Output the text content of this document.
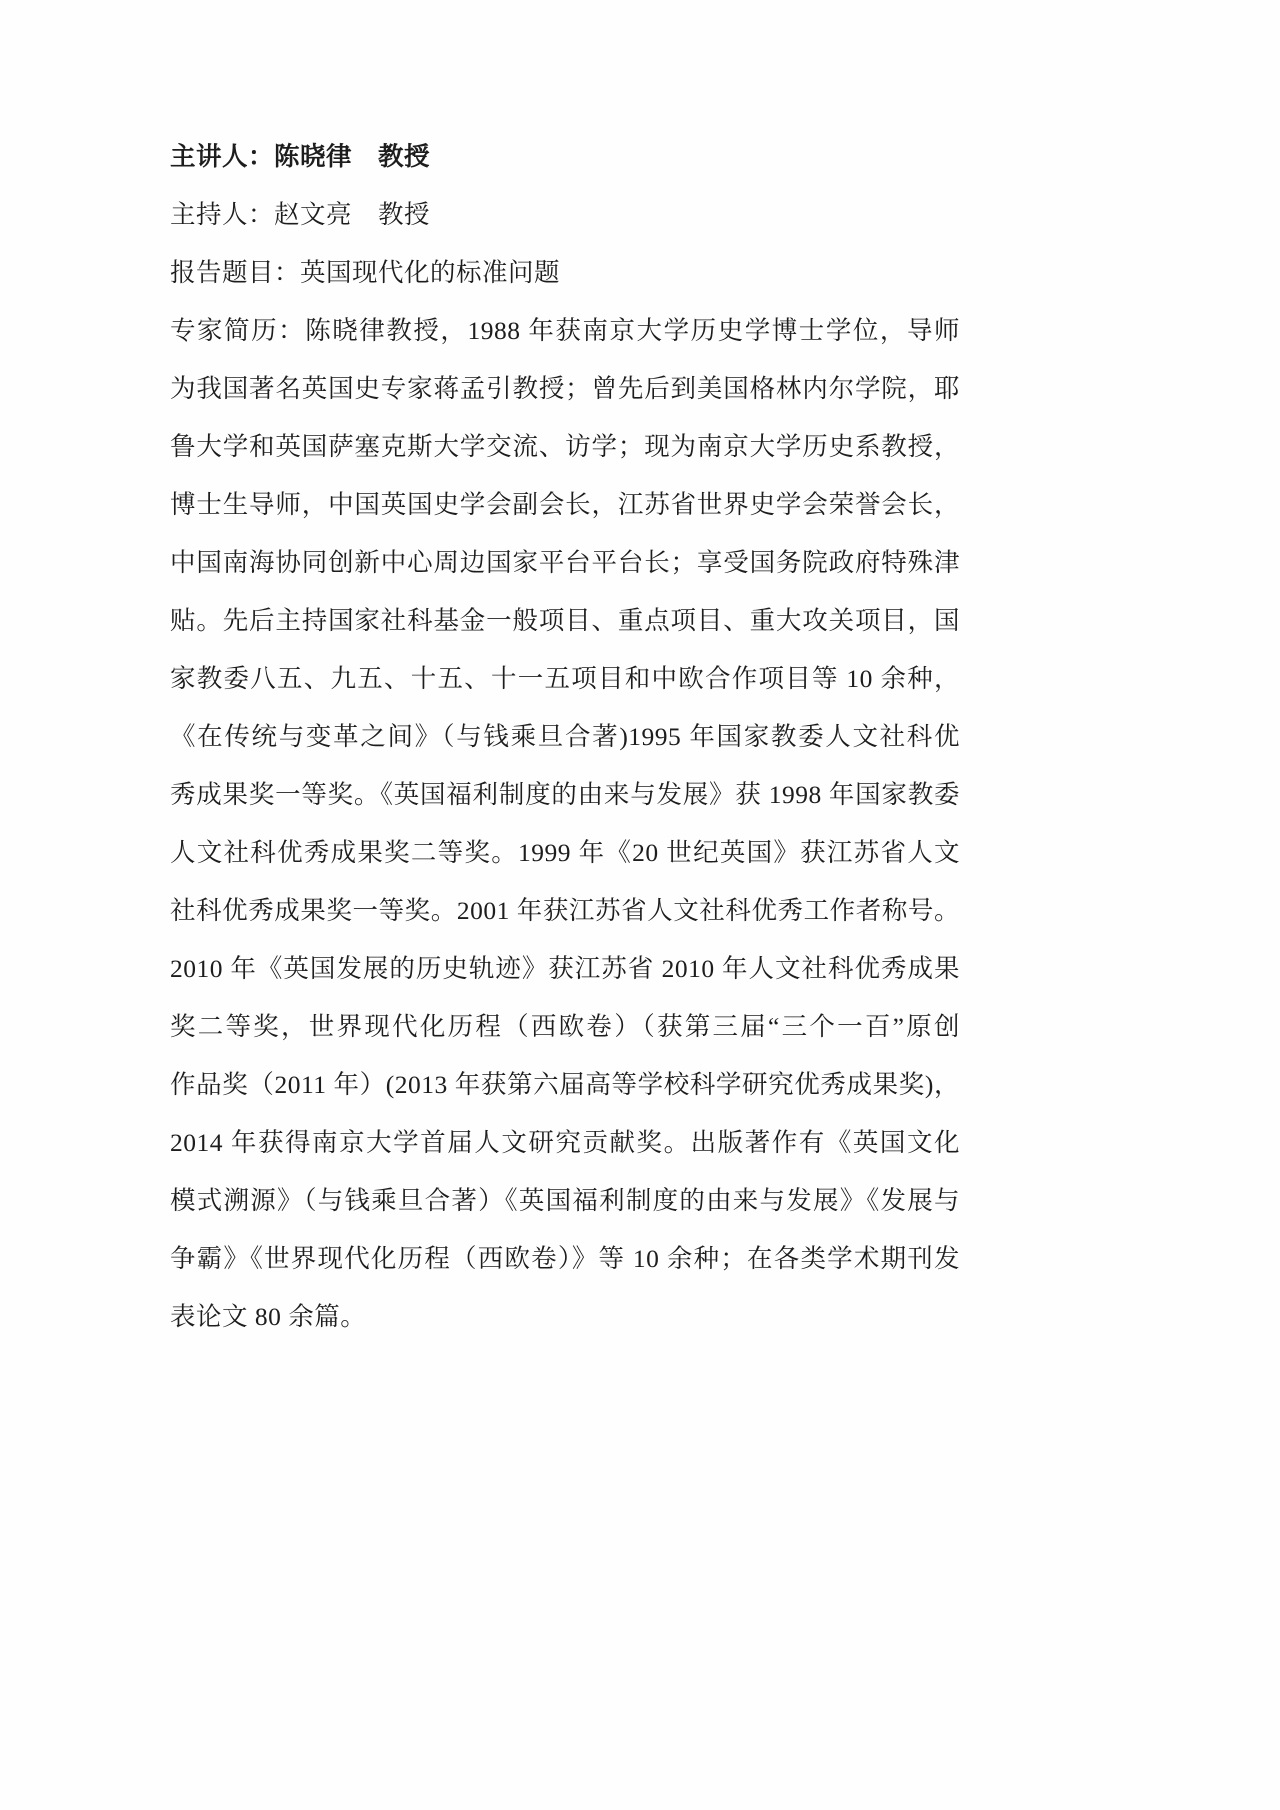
主讲人：陈晓律　教授
主持人：赵文亮　教授
报告题目：英国现代化的标准问题
专家简历：陈晓律教授，1988 年获南京大学历史学博士学位，导师
为我国著名英国史专家蒋孟引教授；曾先后到美国格林内尔学院，耶
鲁大学和英国萨塞克斯大学交流、访学；现为南京大学历史系教授，
博士生导师，中国英国史学会副会长，江苏省世界史学会荣誉会长，
中国南海协同创新中心周边国家平台平台长；享受国务院政府特殊津
贴。先后主持国家社科基金一般项目、重点项目、重大攻关项目，国
家教委八五、九五、十五、十一五项目和中欧合作项目等 10 余种，
《在传统与变革之间》（与钱乘旦合著)1995 年国家教委人文社科优
秀成果奖一等奖。《英国福利制度的由来与发展》获 1998 年国家教委
人文社科优秀成果奖二等奖。1999 年《20 世纪英国》获江苏省人文
社科优秀成果奖一等奖。2001 年获江苏省人文社科优秀工作者称号。
2010 年《英国发展的历史轨迹》获江苏省 2010 年人文社科优秀成果
奖二等奖，世界现代化历程（西欧卷）（获第三届“三个一百”原创
作品奖（2011 年）(2013 年获第六届高等学校科学研究优秀成果奖)，
2014 年获得南京大学首届人文研究贡献奖。出版著作有《英国文化
模式溯源》（与钱乘旦合著）《英国福利制度的由来与发展》《发展与
争霸》《世界现代化历程（西欧卷）》等 10 余种；在各类学术期刊发
表论文 80 余篇。
